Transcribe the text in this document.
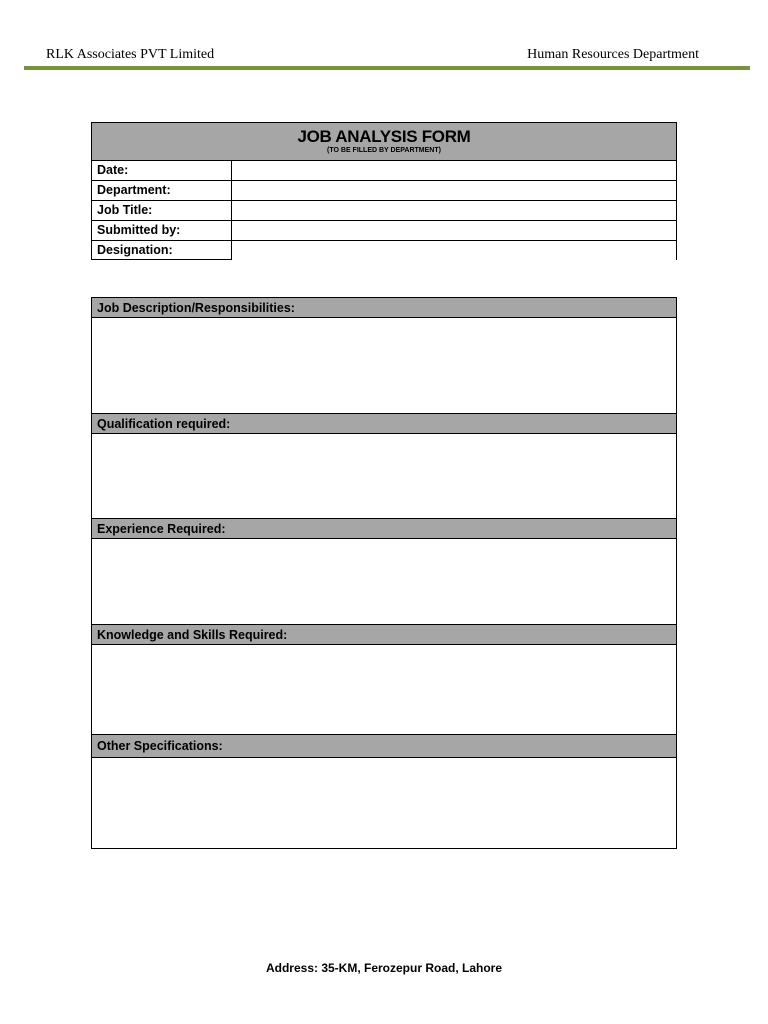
RLK Associates PVT Limited	Human Resources Department
JOB ANALYSIS FORM
(TO BE FILLED BY DEPARTMENT)
Date:
Department:
Job Title:
Submitted by:
Designation:
Job Description/Responsibilities:
Qualification required:
Experience Required:
Knowledge and Skills Required:
Other Specifications:
Address: 35-KM, Ferozepur Road, Lahore
